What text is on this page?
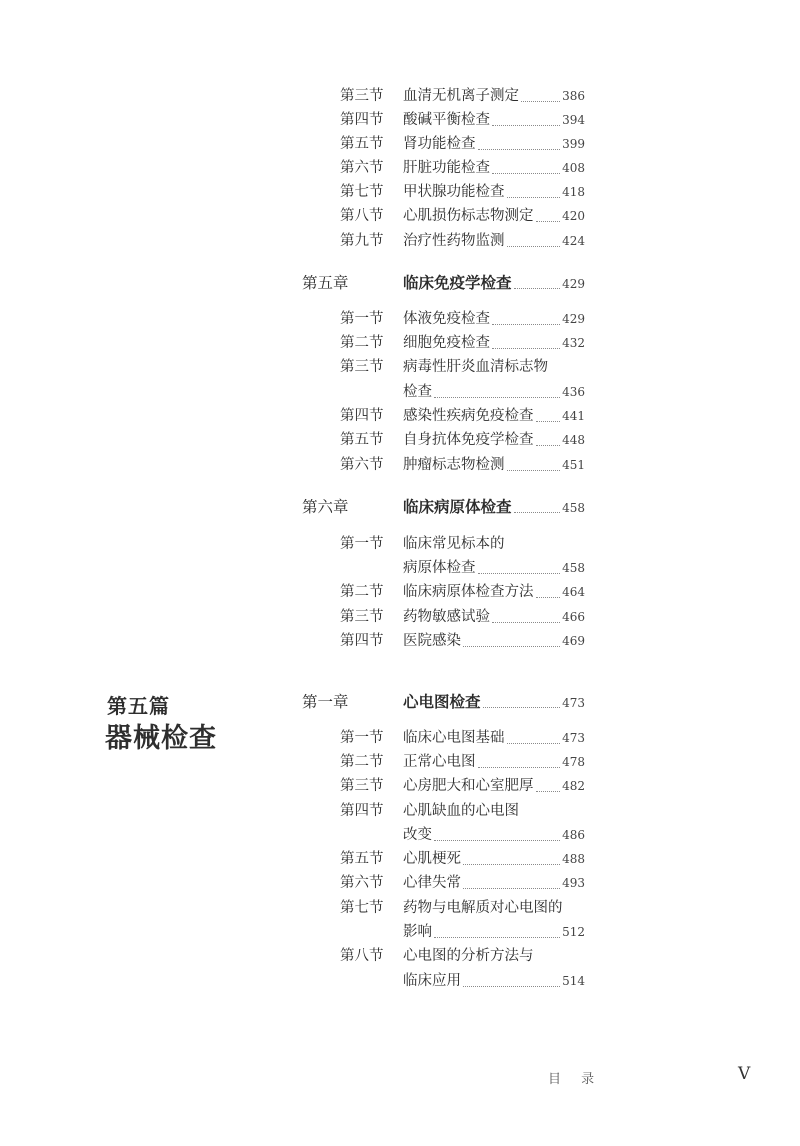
第五篇
器械检查
第三节 血清无机离子测定	386
第四节 酸碱平衡检查	394
第五节 肾功能检查	399
第六节 肝脏功能检查	408
第七节 甲状腺功能检查	418
第八节 心肌损伤标志物测定 420
第九节 治疗性药物监测	424
第五章	临床免疫学检查	429
第一节 体液免疫检查	429
第二节 细胞免疫检查	432
第三节 病毒性肝炎血清标志物
检查	436
第四节 感染性疾病免疫检查 441
第五节 自身抗体免疫学检查 448
第六节 肿瘤标志物检测	451
第六章	临床病原体检查	458
第一节 临床常见标本的
病原体检查	458
第二节 临床病原体检查方法 464
第三节 药物敏感试验	466
第四节 医院感染	469
第一章	心电图检查	473
第一节 临床心电图基础	473
第二节 正常心电图	478
第三节 心房肥大和心室肥厚 482
第四节 心肌缺血的心电图
改变	486
第五节 心肌梗死	488
第六节 心律失常	493
第七节 药物与电解质对心电图的
影响	512
第八节 心电图的分析方法与
临床应用	514
目 录	V
